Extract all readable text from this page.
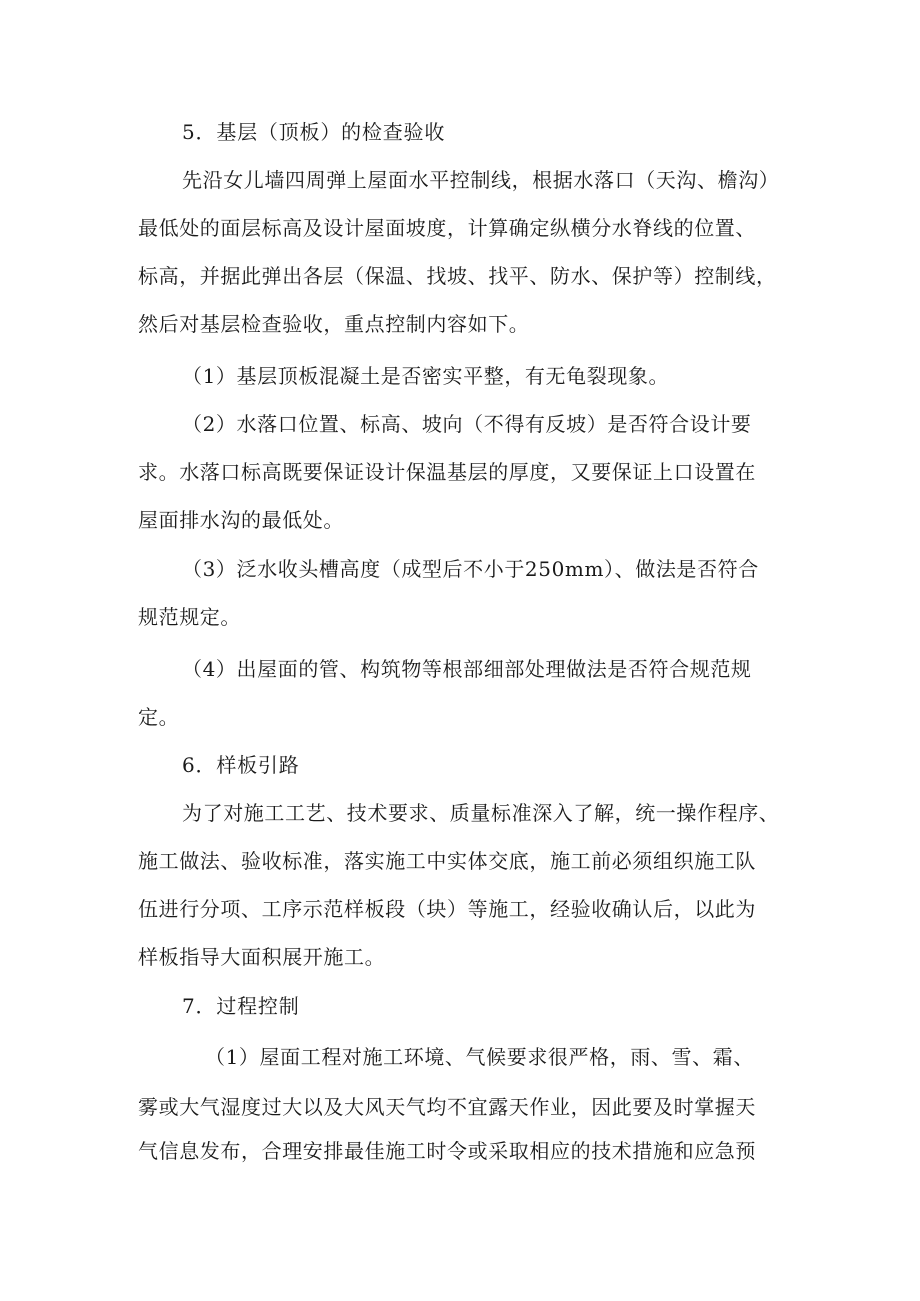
5．基层（顶板）的检查验收
先沿女儿墙四周弹上屋面水平控制线，根据水落口（天沟、檐沟）
最低处的面层标高及设计屋面坡度，计算确定纵横分水脊线的位置、
标高，并据此弹出各层（保温、找坡、找平、防水、保护等）控制线，
然后对基层检查验收，重点控制内容如下。
（1）基层顶板混凝土是否密实平整，有无龟裂现象。
（2）水落口位置、标高、坡向（不得有反坡）是否符合设计要
求。水落口标高既要保证设计保温基层的厚度，又要保证上口设置在
屋面排水沟的最低处。
（3）泛水收头槽高度（成型后不小于250mm）、做法是否符合
规范规定。
（4）出屋面的管、构筑物等根部细部处理做法是否符合规范规
定。
6．样板引路
为了对施工工艺、技术要求、质量标准深入了解，统一操作程序、
施工做法、验收标准，落实施工中实体交底，施工前必须组织施工队
伍进行分项、工序示范样板段（块）等施工，经验收确认后，以此为
样板指导大面积展开施工。
7．过程控制
（1）屋面工程对施工环境、气候要求很严格，雨、雪、霜、
雾或大气湿度过大以及大风天气均不宜露天作业，因此要及时掌握天
气信息发布，合理安排最佳施工时令或采取相应的技术措施和应急预
